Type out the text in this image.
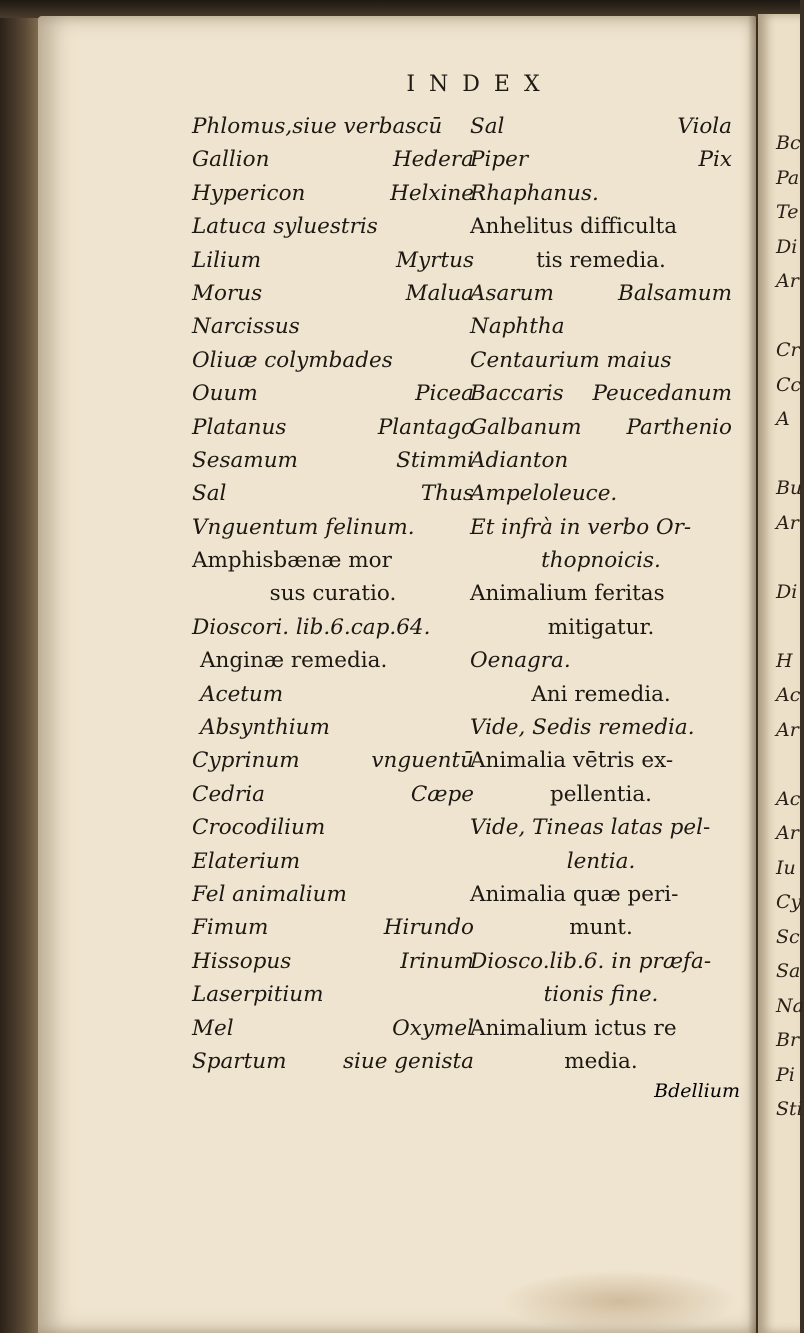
Bc
Pa
Te
Di
Ar
Cr
Cc
A
Bu
Ar
Di
H
Ac
Ar
Ac
Ar
Iu
Cy
Sc
Sa
Na
Br
Pi
Sti
INDEX
Phlomus,siue verbascū
Gallion	Hedera
Hypericon	Helxine
Latuca syluestris
Lilium	Myrtus
Morus	Malua
Narcissus
Oliuæ colymbades
Ouum	Picea
Platanus	Plantago
Sesamum	Stimmi
Sal	Thus
Vnguentum felinum.
Amphisbænæ mor
sus curatio.
Dioscori. lib.6.cap.64.
Anginæ remedia.
Acetum
Absynthium
Cyprinum	vnguentū
Cedria	Cæpe
Crocodilium
Elaterium
Fel animalium
Fimum	Hirundo
Hissopus	Irinum
Laserpitium
Mel	Oxymel
Spartum	siue genista
Sal	Viola
Piper	Pix
Rhaphanus.
Anhelitus difficulta
tis remedia.
Asarum	Balsamum
Naphtha
Centaurium maius
Baccaris Peucedanum
Galbanum Parthenio
Adianton
Ampeloleuce.
Et infrà in verbo Or-
thopnoicis.
Animalium feritas
mitigatur.
Oenagra.
Ani remedia.
Vide, Sedis remedia.
Animalia vētris ex-
pellentia.
Vide, Tineas latas pel-
lentia.
Animalia quæ peri-
munt.
Diosco.lib.6. in præfa-
tionis fine.
Animalium ictus re
media.
Bdellium
